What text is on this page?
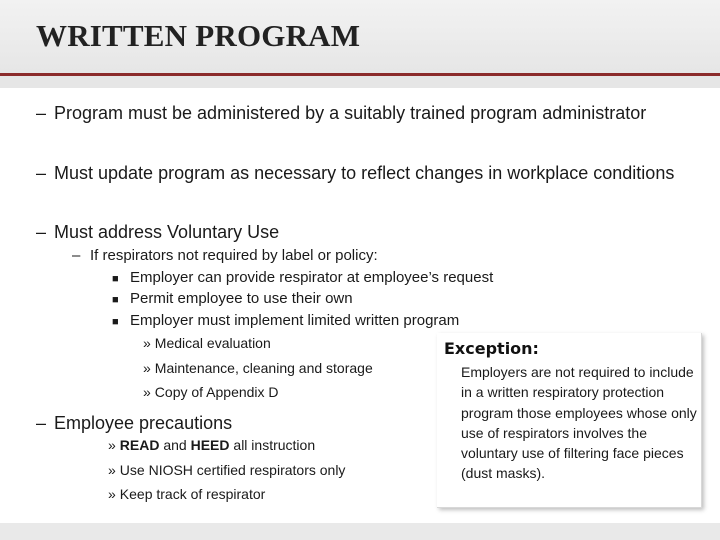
WRITTEN PROGRAM
– Program must be administered by a suitably trained program administrator
– Must update program as necessary to reflect changes in workplace conditions
– Must address Voluntary Use
– If respirators not required by label or policy:
■ Employer can provide respirator at employee’s request
■ Permit employee to use their own
■ Employer must implement limited written program
» Medical evaluation
» Maintenance, cleaning and storage
» Copy of Appendix D
– Employee precautions
» READ and HEED all instruction
» Use NIOSH certified respirators only
» Keep track of respirator
Exception:
Employers are not required to include in a written respiratory protection program those employees whose only use of respirators involves the voluntary use of filtering face pieces (dust masks).
